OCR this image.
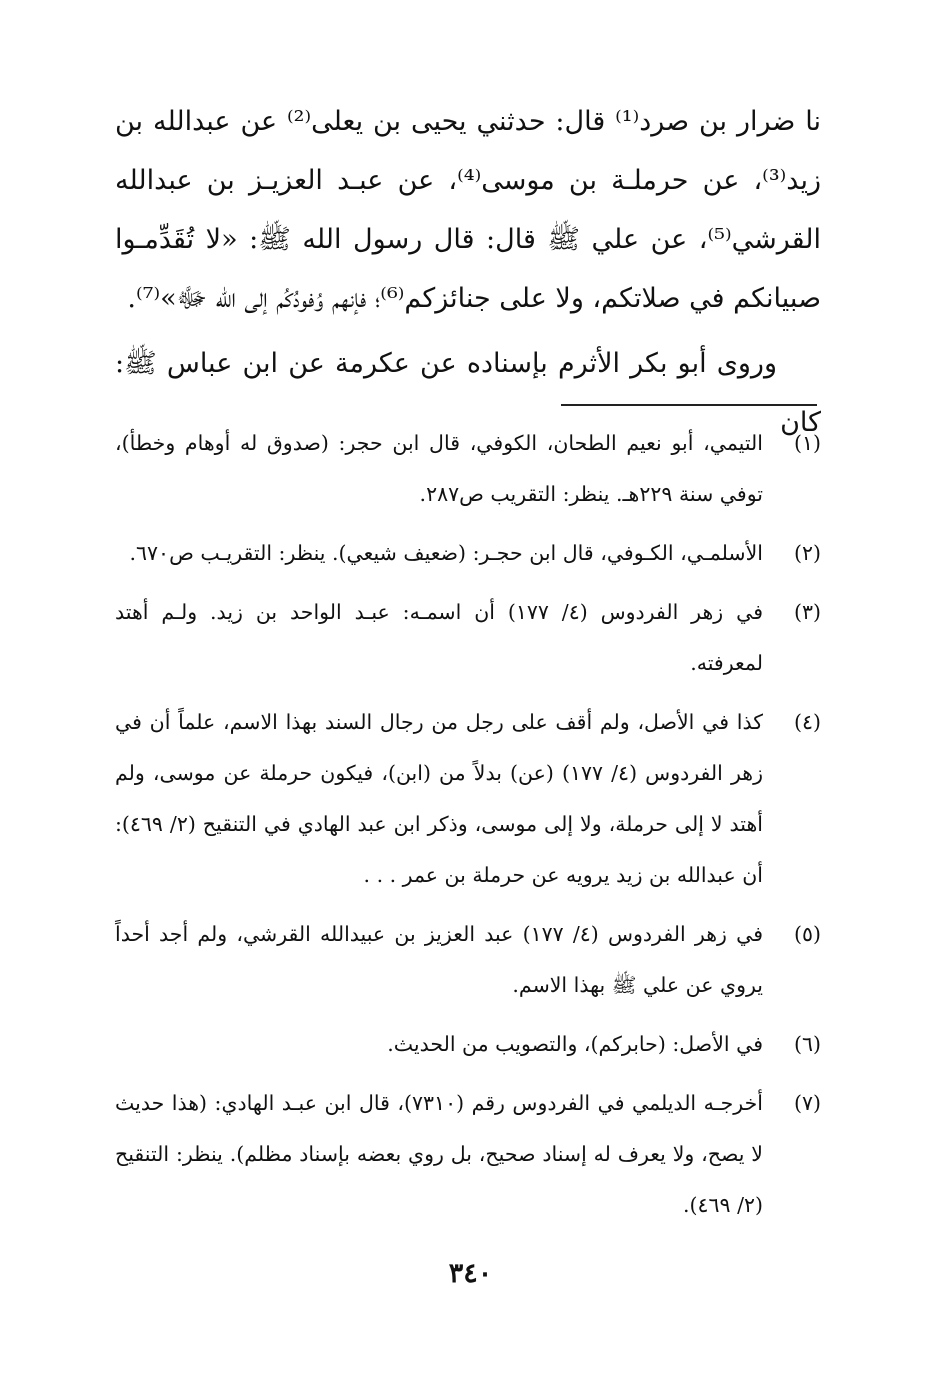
نا ضرار بن صرد⁽¹⁾ قال: حدثني يحيى بن يعلى⁽²⁾ عن عبدالله بن زيد⁽³⁾، عن حرملـة بن موسى⁽⁴⁾، عن عبـد العزيـز بن عبدالله القرشي⁽⁵⁾، عن علي ﷺ قال: قال رسول الله ﷺ: «لا تُقَدِّمـوا صبيانكم في صلاتكم، ولا على جنائزكم⁽⁶⁾؛ فإنهم وُفودُكُم إلى الله ﷻ»⁽⁷⁾.

وروى أبو بكر الأثرم بإسناده عن عكرمة عن ابن عباس ﷺ: كان

(١)
التيمي، أبو نعيم الطحان، الكوفي، قال ابن حجر: (صدوق له أوهام وخطأ)، توفي سنة ٢٢٩هـ. ينظر: التقريب ص٢٨٧.
(٢)
الأسلمـي، الكـوفي، قال ابن حجـر: (ضعيف شيعي). ينظر: التقريـب ص٦٧٠.
(٣)
في زهر الفردوس (٤/ ١٧٧) أن اسمـه: عبـد الواحد بن زيد. ولـم أهتد لمعرفته.
(٤)
كذا في الأصل، ولم أقف على رجل من رجال السند بهذا الاسم، علماً أن في زهر الفردوس (٤/ ١٧٧) (عن) بدلاً من (ابن)، فيكون حرملة عن موسى، ولم أهتد لا إلى حرملة، ولا إلى موسى، وذكر ابن عبد الهادي في التنقيح (٢/ ٤٦٩): أن عبدالله بن زيد يرويه عن حرملة بن عمر . . .
(٥)
في زهر الفردوس (٤/ ١٧٧) عبد العزيز بن عبيدالله القرشي، ولم أجد أحداً يروي عن علي ﷺ بهذا الاسم.
(٦)
في الأصل: (حابركم)، والتصويب من الحديث.
(٧)
أخرجـه الديلمي في الفردوس رقم (٧٣١٠)، قال ابن عبـد الهادي: (هذا حديث لا يصح، ولا يعرف له إسناد صحيح، بل روي بعضه بإسناد مظلم). ينظر: التنقيح (٢/ ٤٦٩).
٣٤٠
